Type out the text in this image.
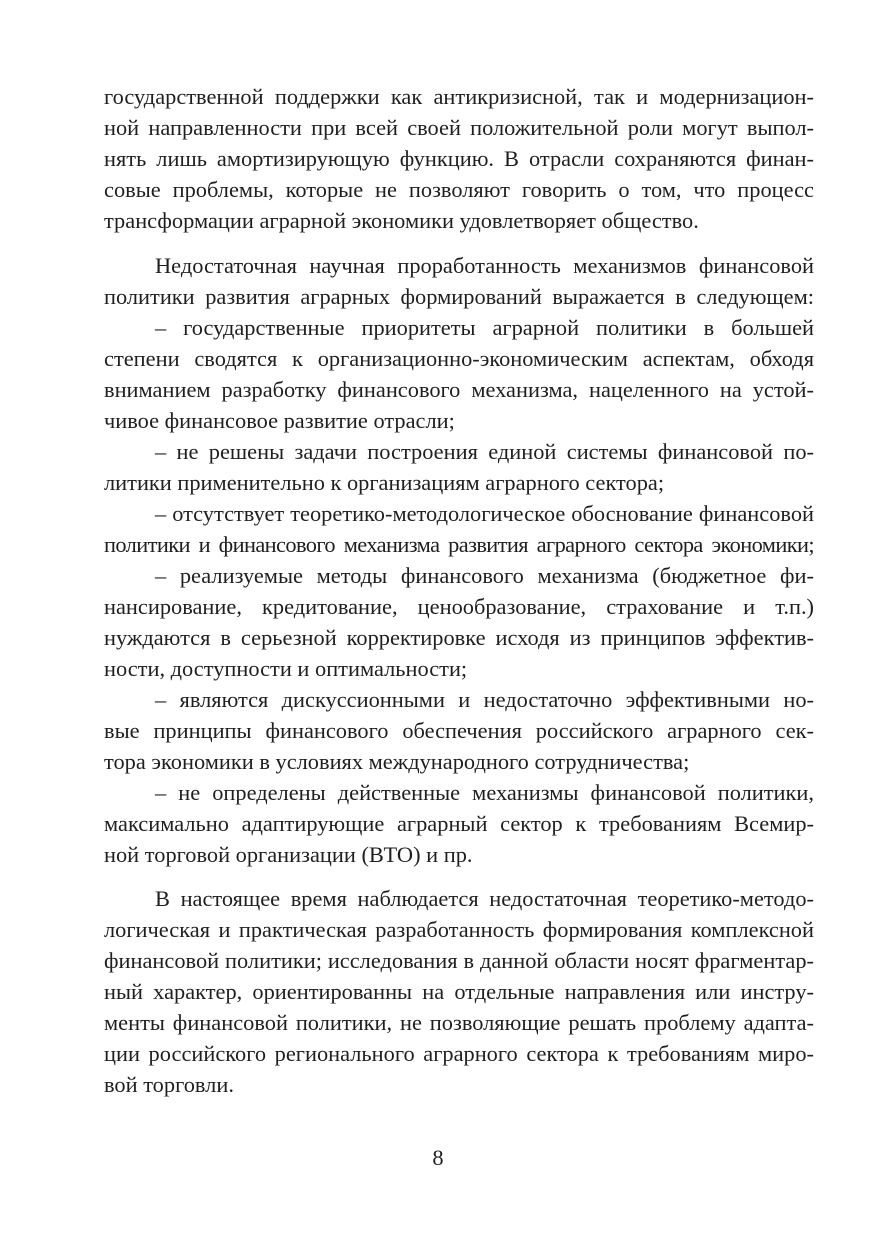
государственной поддержки как антикризисной, так и модернизацион-
ной направленности при всей своей положительной роли могут выпол-
нять лишь амортизирующую функцию. В отрасли сохраняются финан-
совые проблемы, которые не позволяют говорить о том, что процесс
трансформации аграрной экономики удовлетворяет общество.
Недостаточная научная проработанность механизмов финансовой
политики развития аграрных формирований выражается в следующем:
– государственные приоритеты аграрной политики в большей
степени сводятся к организационно-экономическим аспектам, обходя
вниманием разработку финансового механизма, нацеленного на устой-
чивое финансовое развитие отрасли;
– не решены задачи построения единой системы финансовой по-
литики применительно к организациям аграрного сектора;
– отсутствует теоретико-методологическое обоснование финансовой
политики и финансового механизма развития аграрного сектора экономики;
– реализуемые методы финансового механизма (бюджетное фи-
нансирование, кредитование, ценообразование, страхование и т.п.)
нуждаются в серьезной корректировке исходя из принципов эффектив-
ности, доступности и оптимальности;
– являются дискуссионными и недостаточно эффективными но-
вые принципы финансового обеспечения российского аграрного сек-
тора экономики в условиях международного сотрудничества;
– не определены действенные механизмы финансовой политики,
максимально адаптирующие аграрный сектор к требованиям Всемир-
ной торговой организации (ВТО) и пр.
В настоящее время наблюдается недостаточная теоретико-методо-
логическая и практическая разработанность формирования комплексной
финансовой политики; исследования в данной области носят фрагментар-
ный характер, ориентированны на отдельные направления или инстру-
менты финансовой политики, не позволяющие решать проблему адапта-
ции российского регионального аграрного сектора к требованиям миро-
вой торговли.
8
